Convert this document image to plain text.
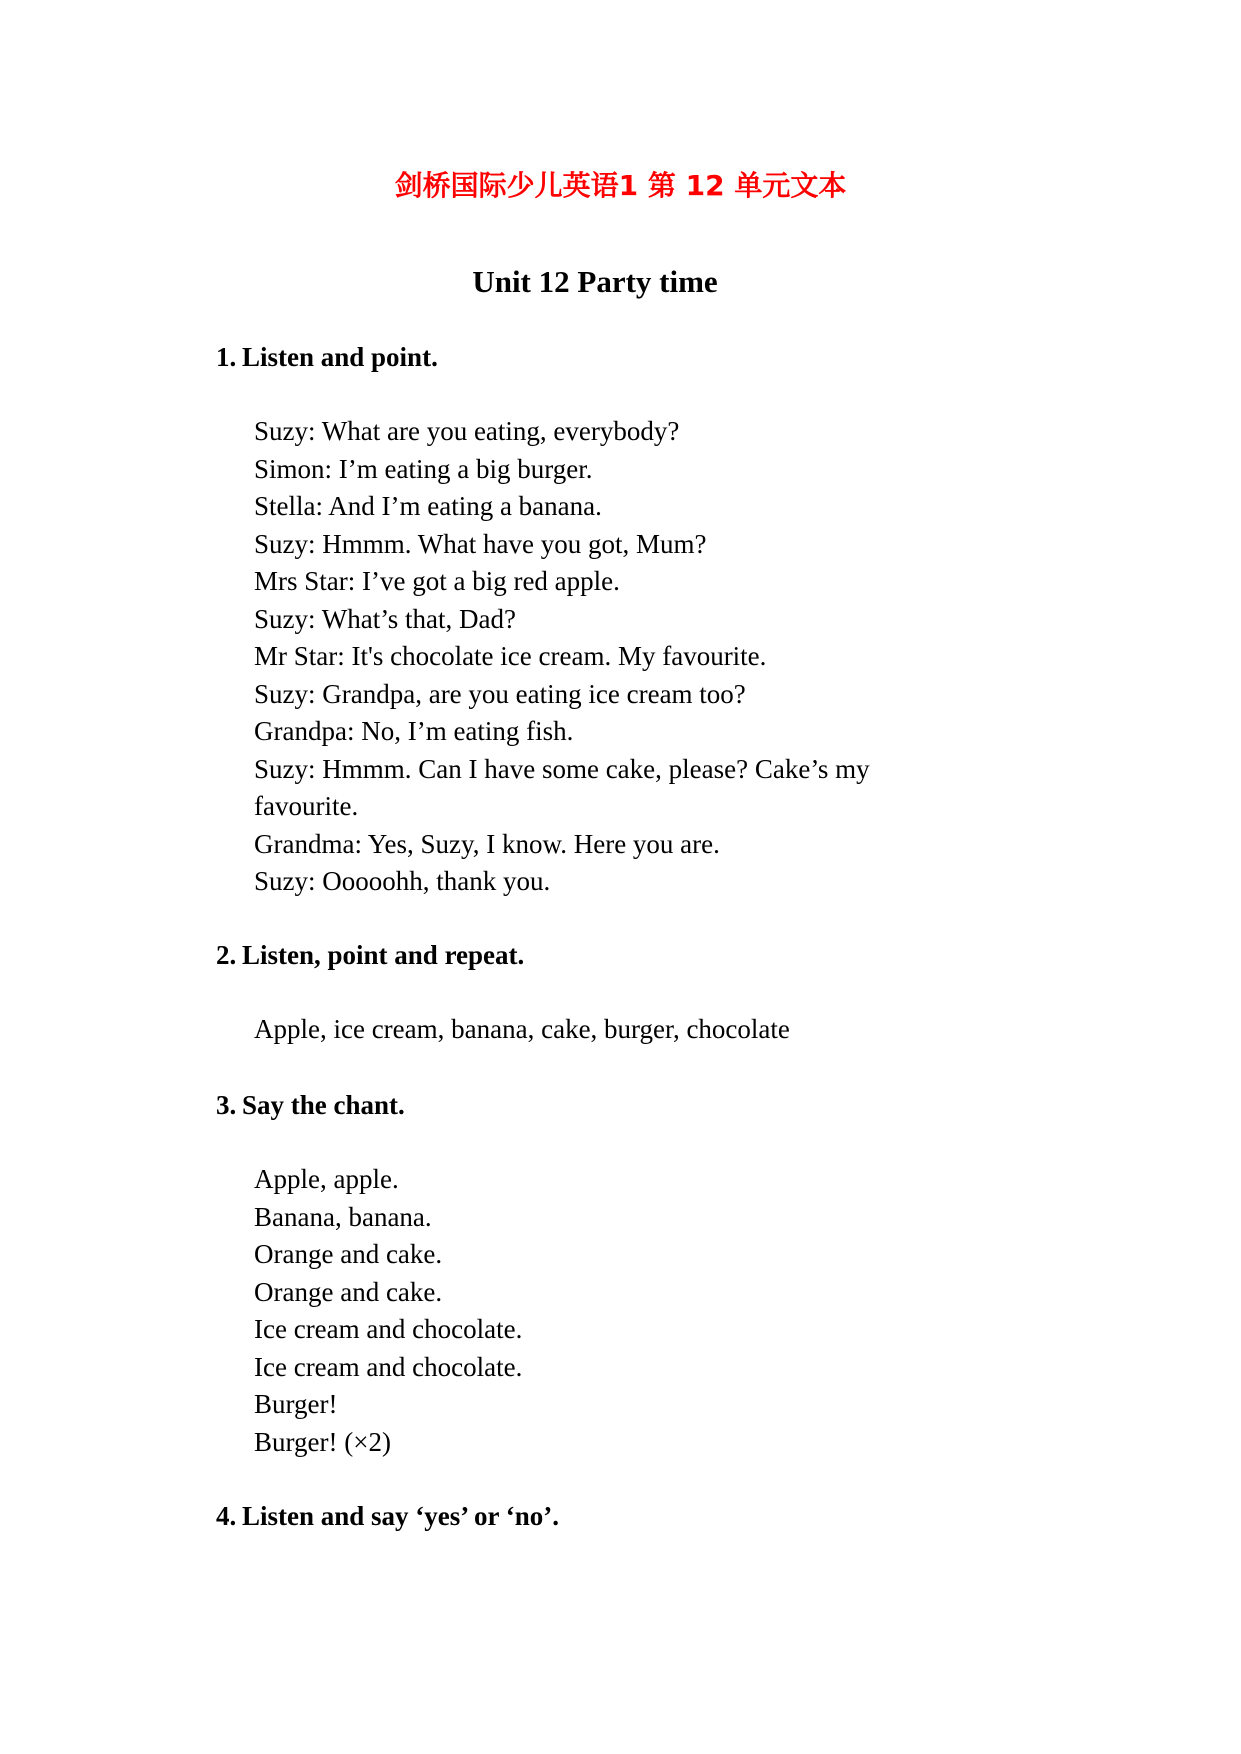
剑桥国际少儿英语1 第 12 单元文本
Unit 12 Party time
1. Listen and point.
Suzy: What are you eating, everybody?
Simon: I’m eating a big burger.
Stella: And I’m eating a banana.
Suzy: Hmmm. What have you got, Mum?
Mrs Star: I’ve got a big red apple.
Suzy: What’s that, Dad?
Mr Star: It's chocolate ice cream. My favourite.
Suzy: Grandpa, are you eating ice cream too?
Grandpa: No, I’m eating fish.
Suzy: Hmmm. Can I have some cake, please? Cake’s my favourite.
Grandma: Yes, Suzy, I know. Here you are.
Suzy: Ooooohh, thank you.
2. Listen, point and repeat.
Apple, ice cream, banana, cake, burger, chocolate
3. Say the chant.
Apple, apple.
Banana, banana.
Orange and cake.
Orange and cake.
Ice cream and chocolate.
Ice cream and chocolate.
Burger!
Burger! (×2)
4. Listen and say ‘yes’ or ‘no’.
